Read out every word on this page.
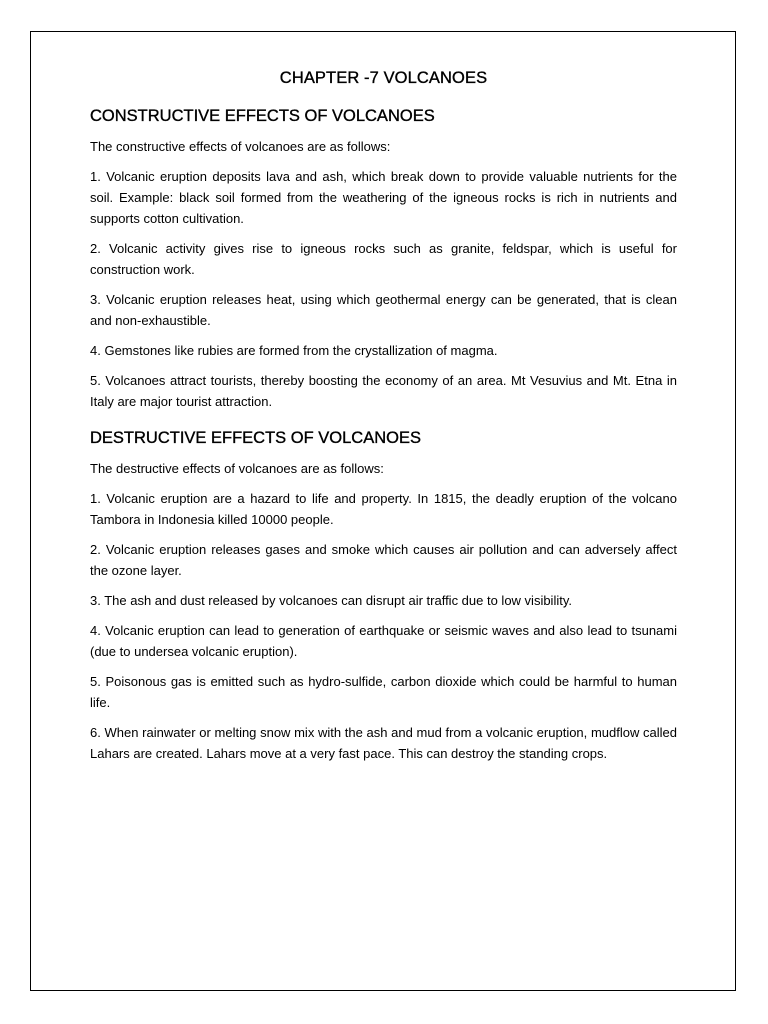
CHAPTER -7 VOLCANOES
CONSTRUCTIVE EFFECTS OF VOLCANOES

The constructive effects of volcanoes are as follows:

1. Volcanic eruption deposits lava and ash, which break down to provide valuable nutrients for the soil. Example: black soil formed from the weathering of the igneous rocks is rich in nutrients and supports cotton cultivation.

2. Volcanic activity gives rise to igneous rocks such as granite, feldspar, which is useful for construction work.

3. Volcanic eruption releases heat, using which geothermal energy can be generated, that is clean and non-exhaustible.

4. Gemstones like rubies are formed from the crystallization of magma.

5. Volcanoes attract tourists, thereby boosting the economy of an area. Mt Vesuvius and Mt. Etna in Italy are major tourist attraction.

DESTRUCTIVE EFFECTS OF VOLCANOES

The destructive effects of volcanoes are as follows:

1. Volcanic eruption are a hazard to life and property. In 1815, the deadly eruption of the volcano Tambora in Indonesia killed 10000 people.

2. Volcanic eruption releases gases and smoke which causes air pollution and can adversely affect the ozone layer.

3. The ash and dust released by volcanoes can disrupt air traffic due to low visibility.

4. Volcanic eruption can lead to generation of earthquake or seismic waves and also lead to tsunami (due to undersea volcanic eruption).

5. Poisonous gas is emitted such as hydro-sulfide, carbon dioxide which could be harmful to human life.

6. When rainwater or melting snow mix with the ash and mud from a volcanic eruption, mudflow called Lahars are created. Lahars move at a very fast pace. This can destroy the standing crops.
